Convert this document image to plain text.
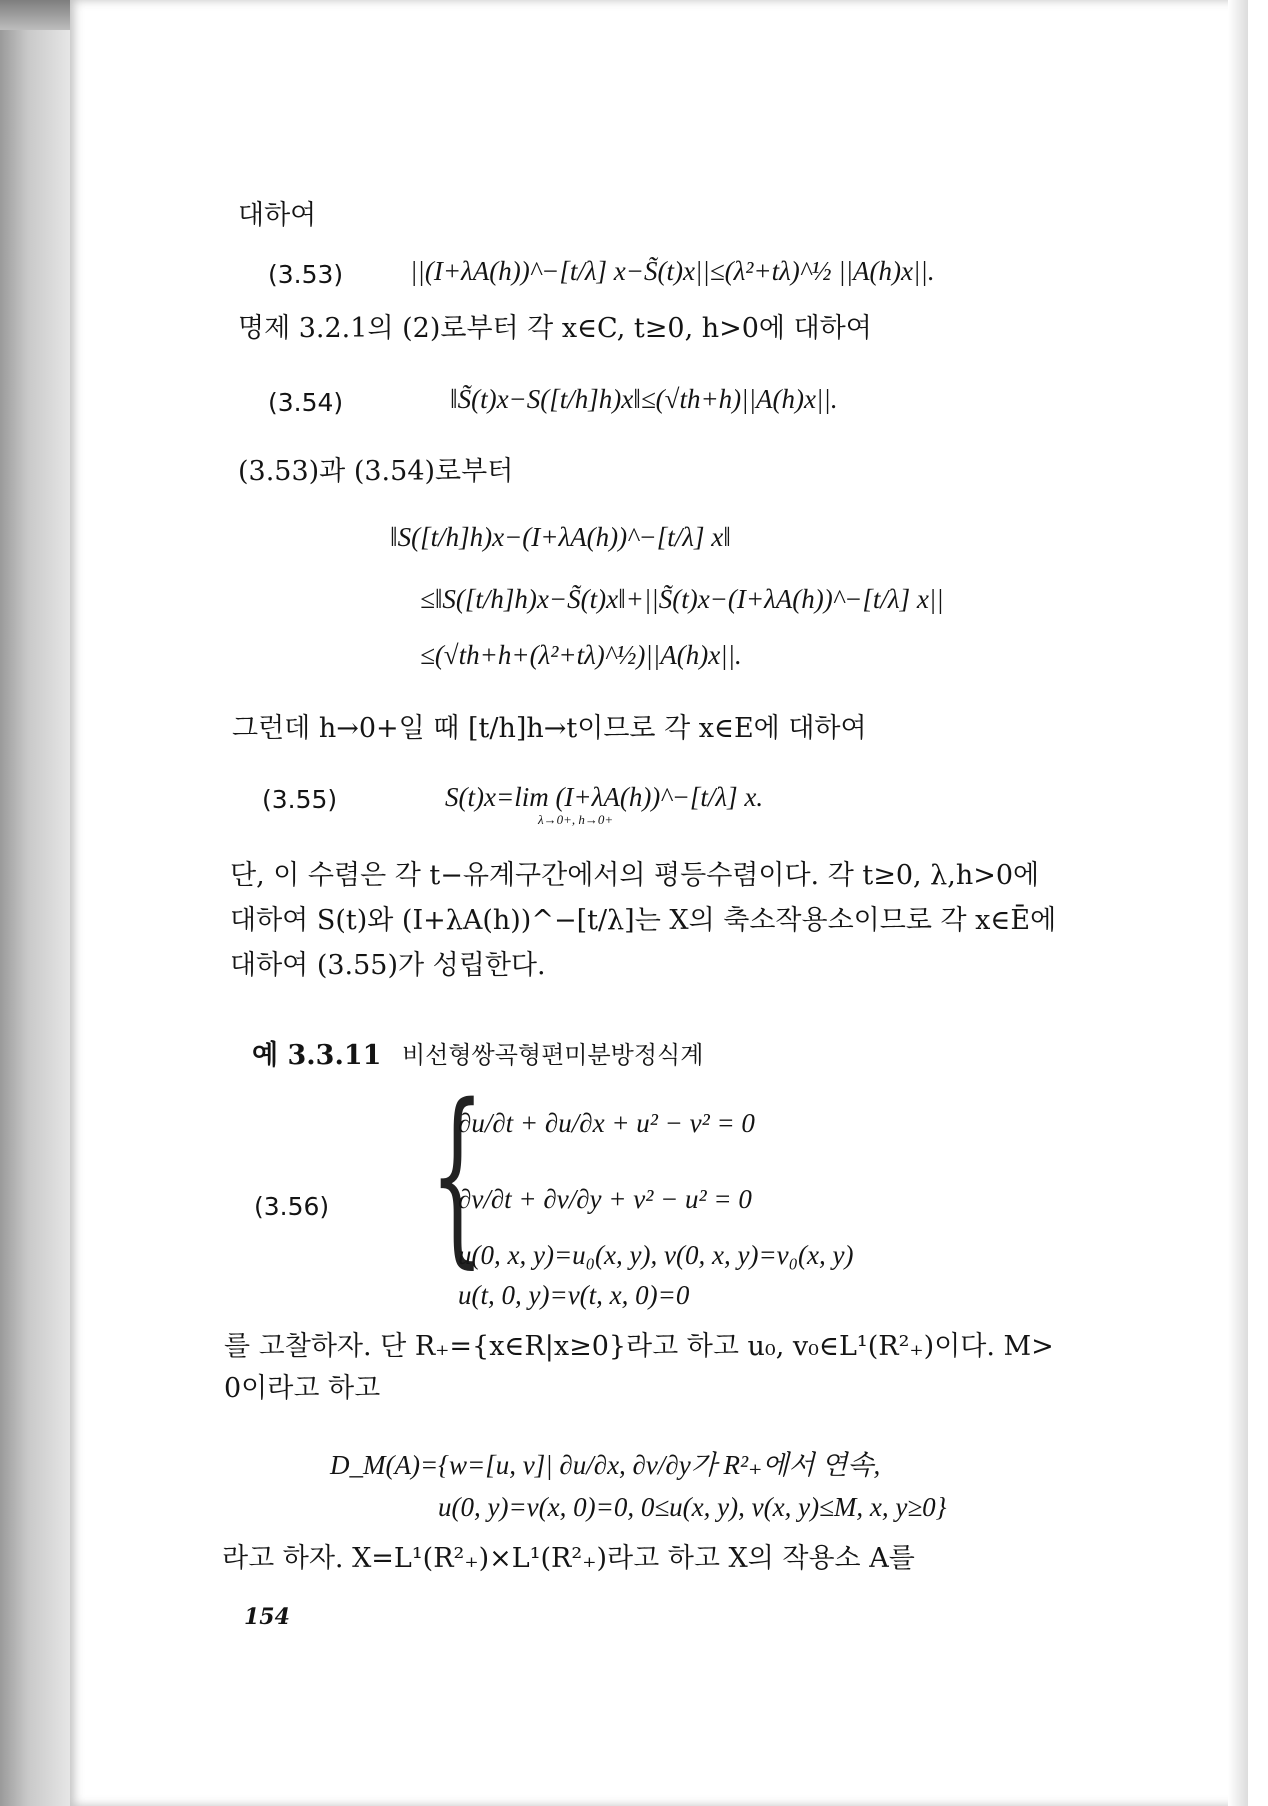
대하여
(3.53) ||(I+λA(h))^−[t/λ] x−S̃(t)x||≤(λ²+tλ)^½ ||A(h)x||.
명제 3.2.1의 (2)로부터 각 x∈C, t≥0, h>0에 대하여
(3.54)	‖S̃(t)x−S([t/h]h)x‖≤(√th+h)||A(h)x||.
(3.53)과 (3.54)로부터
‖S([t/h]h)x−(I+λA(h))^−[t/λ] x‖
≤‖S([t/h]h)x−S̃(t)x‖+||S̃(t)x−(I+λA(h))^−[t/λ] x||
≤(√th+h+(λ²+tλ)^½)||A(h)x||.
그런데 h→0+일 때 [t/h]h→t이므로 각 x∈E에 대하여
(3.55)	S(t)x=lim (I+λA(h))^−[t/λ] x.
λ→0+, h→0+
단, 이 수렴은 각 t−유계구간에서의 평등수렴이다. 각 t≥0, λ,h>0에
대하여 S(t)와 (I+λA(h))^−[t/λ]는 X의 축소작용소이므로 각 x∈Ē에
대하여 (3.55)가 성립한다.
예 3.3.11 비선형쌍곡형편미분방정식계
{
(3.56)
∂u/∂t + ∂u/∂x + u² − v² = 0
∂v/∂t + ∂v/∂y + v² − u² = 0
u(0, x, y)=u₀(x, y), v(0, x, y)=v₀(x, y)
u(t, 0, y)=v(t, x, 0)=0
를 고찰하자. 단 R₊={x∈R|x≥0}라고 하고 u₀, v₀∈L¹(R²₊)이다. M>
0이라고 하고
D_M(A)={w=[u, v]| ∂u/∂x, ∂v/∂y가 R²₊에서 연속,
u(0, y)=v(x, 0)=0, 0≤u(x, y), v(x, y)≤M, x, y≥0}
라고 하자. X=L¹(R²₊)×L¹(R²₊)라고 하고 X의 작용소 A를
154
